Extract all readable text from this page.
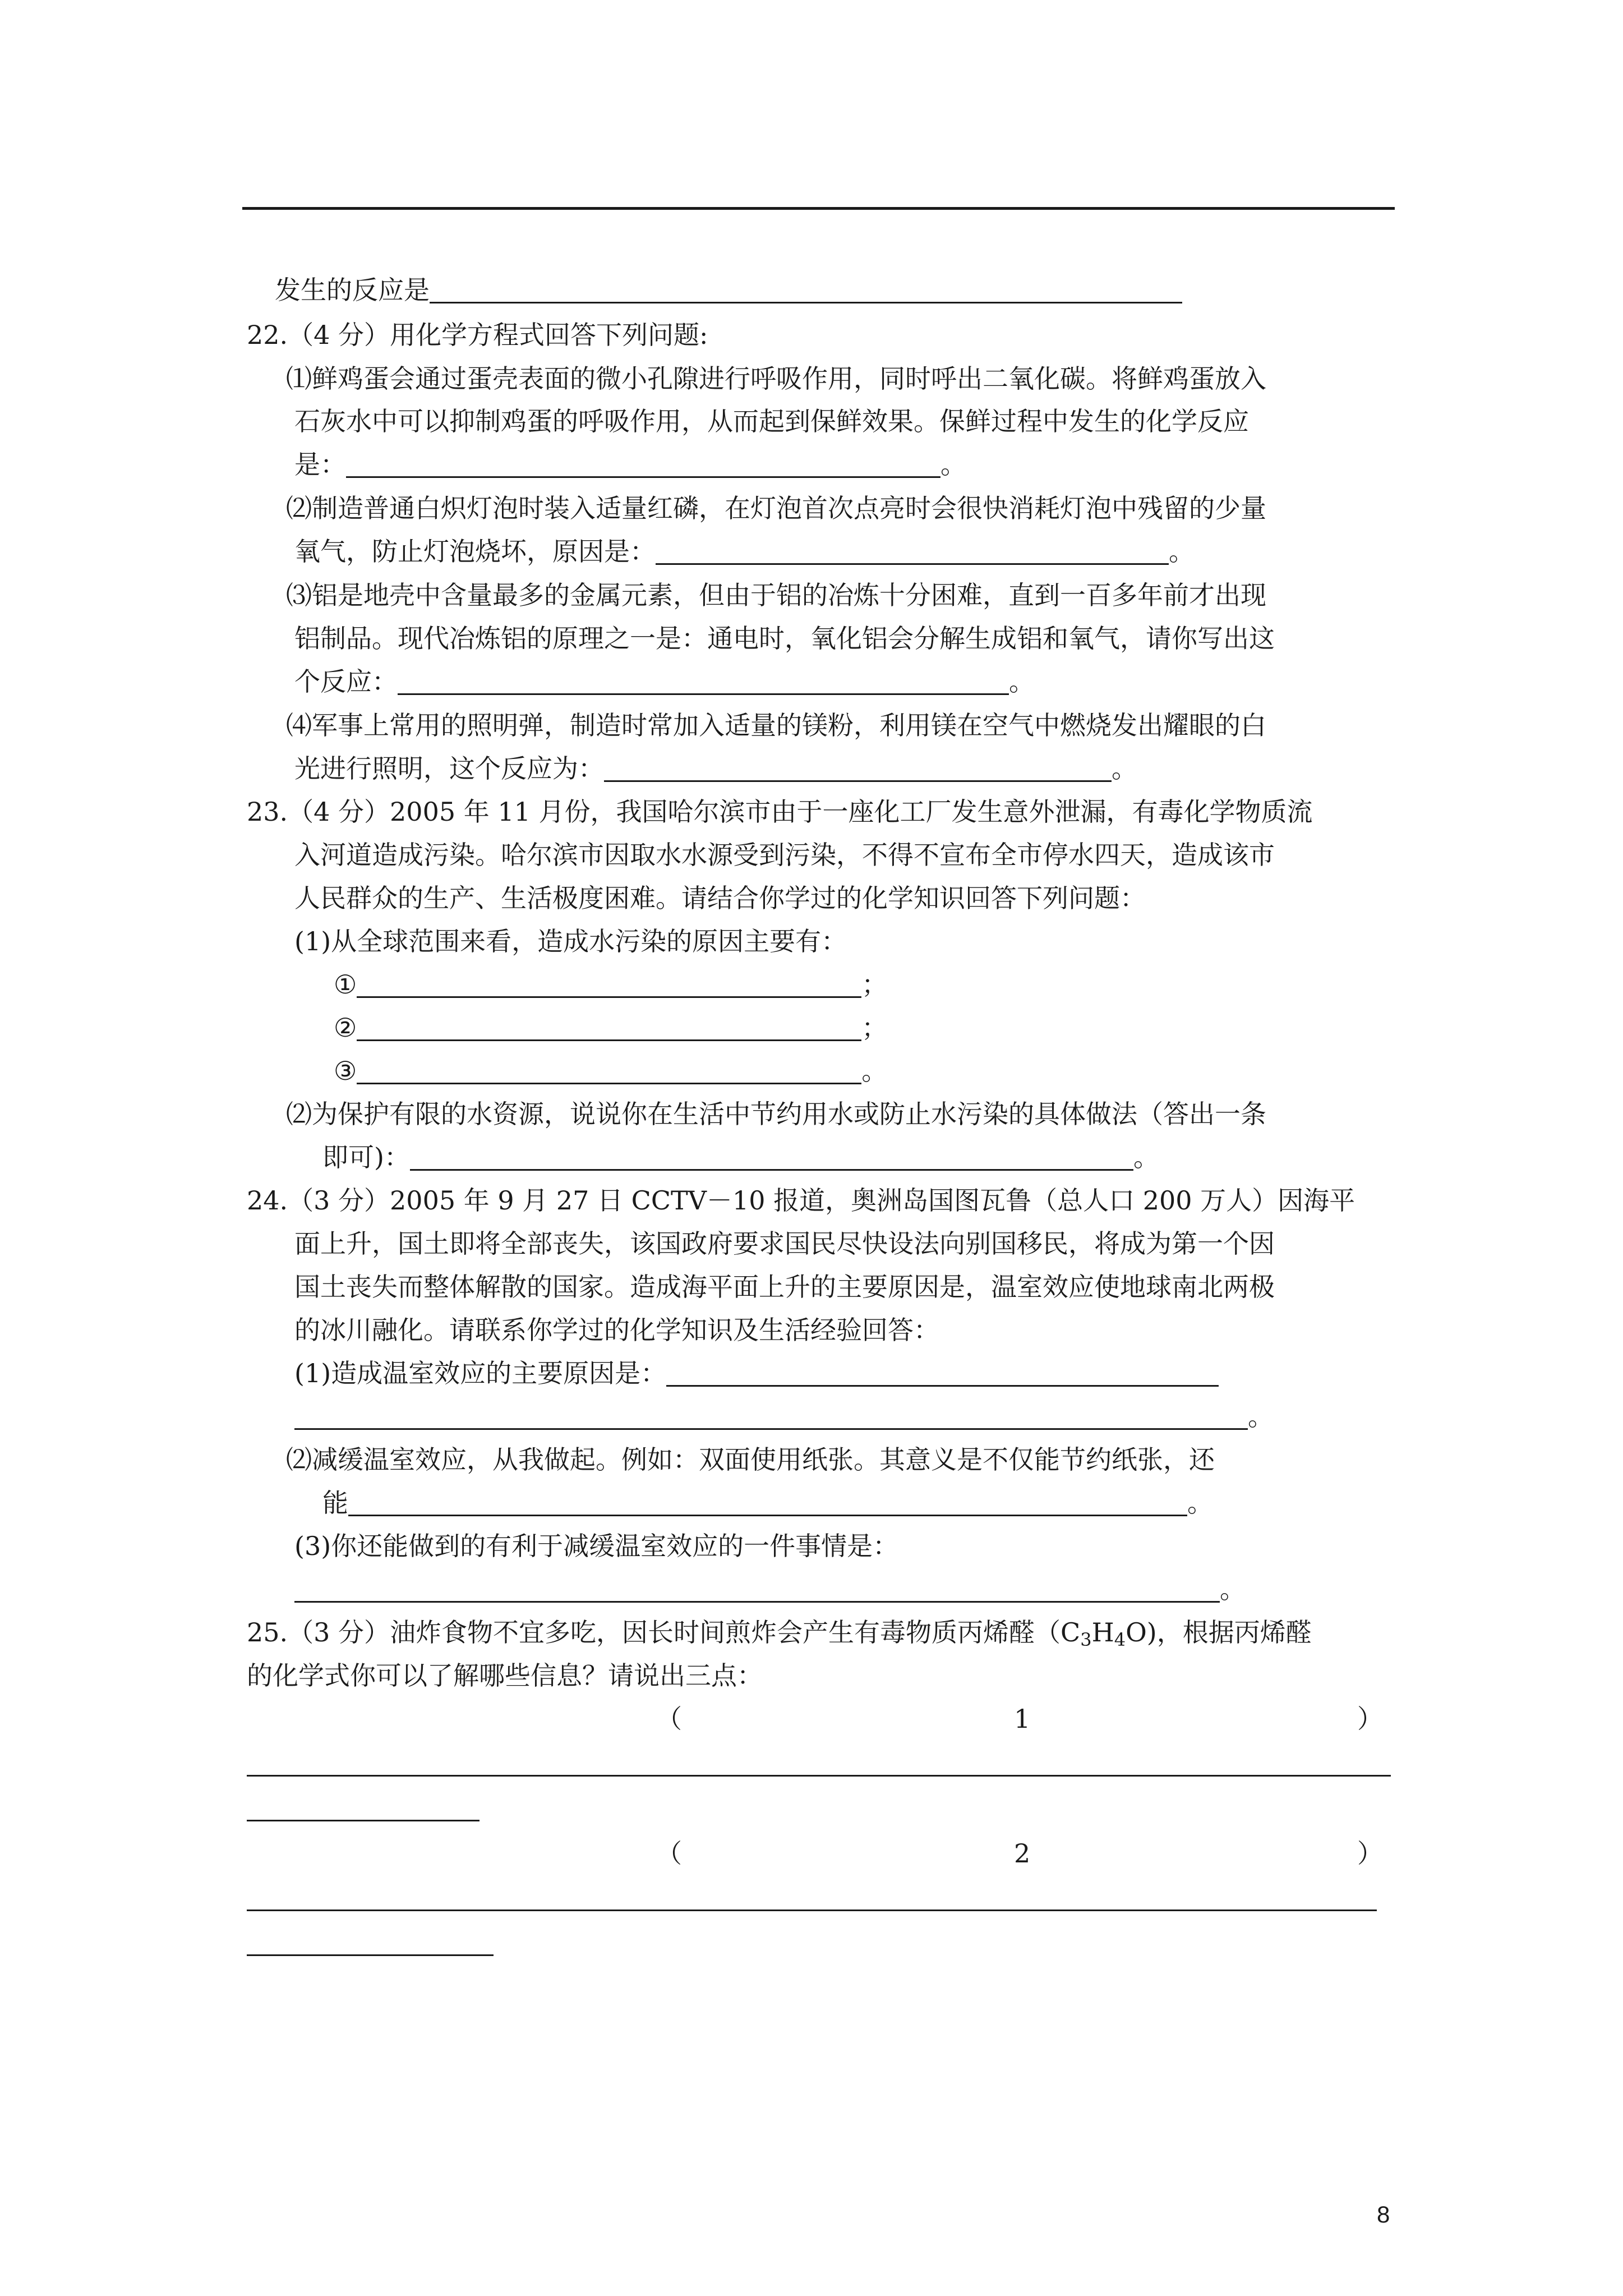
发生的反应是
22.（4 分）用化学方程式回答下列问题:
⑴鲜鸡蛋会通过蛋壳表面的微小孔隙进行呼吸作用，同时呼出二氧化碳。将鲜鸡蛋放入
石灰水中可以抑制鸡蛋的呼吸作用，从而起到保鲜效果。保鲜过程中发生的化学反应
是：	。
⑵制造普通白炽灯泡时装入适量红磷，在灯泡首次点亮时会很快消耗灯泡中残留的少量
氧气，防止灯泡烧坏，原因是：	。
⑶铝是地壳中含量最多的金属元素，但由于铝的冶炼十分困难，直到一百多年前才出现
铝制品。现代冶炼铝的原理之一是：通电时，氧化铝会分解生成铝和氧气，请你写出这
个反应：	。
⑷军事上常用的照明弹，制造时常加入适量的镁粉，利用镁在空气中燃烧发出耀眼的白
光进行照明，这个反应为：	。
23.（4 分）2005 年 11 月份，我国哈尔滨市由于一座化工厂发生意外泄漏，有毒化学物质流
入河道造成污染。哈尔滨市因取水水源受到污染，不得不宣布全市停水四天，造成该市
人民群众的生产、生活极度困难。请结合你学过的化学知识回答下列问题：
(1)从全球范围来看，造成水污染的原因主要有：
①	；
②	；
③	。
⑵为保护有限的水资源，说说你在生活中节约用水或防止水污染的具体做法（答出一条
即可)：	。
24.（3 分）2005 年 9 月 27 日 CCTV－10 报道，奥洲岛国图瓦鲁（总人口 200 万人）因海平
面上升，国土即将全部丧失，该国政府要求国民尽快设法向别国移民，将成为第一个因
国土丧失而整体解散的国家。造成海平面上升的主要原因是，温室效应使地球南北两极
的冰川融化。请联系你学过的化学知识及生活经验回答：
(1)造成温室效应的主要原因是：
。
⑵减缓温室效应，从我做起。例如：双面使用纸张。其意义是不仅能节约纸张，还
能	。
(3)你还能做到的有利于减缓温室效应的一件事情是：
。
25.（3 分）油炸食物不宜多吃，因长时间煎炸会产生有毒物质丙烯醛$(C_3H_4O)$，根据丙烯醛
的化学式你可以了解哪些信息？请说出三点：
（	1	）
（	2	）
8
